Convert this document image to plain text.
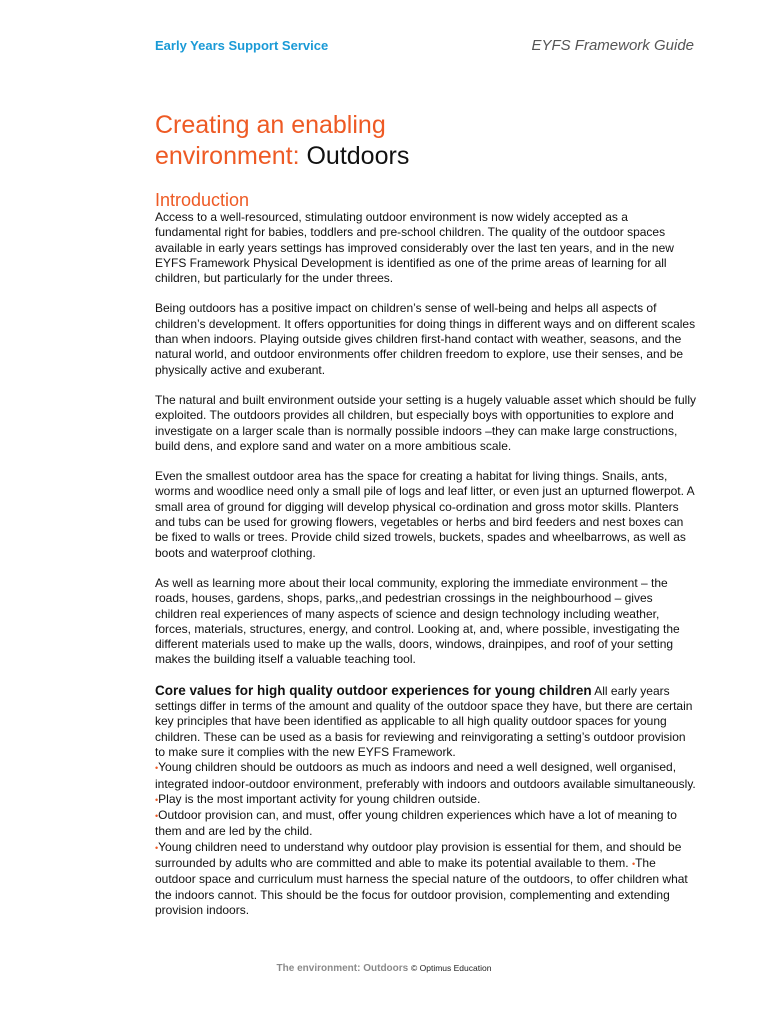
Early Years Support Service	EYFS Framework Guide
Creating an enabling
environment: Outdoors
Introduction

Access to a well-resourced, stimulating outdoor environment is now widely accepted as a fundamental right for babies, toddlers and pre-school children. The quality of the outdoor spaces available in early years settings has improved considerably over the last ten years, and in the new EYFS Framework Physical Development is identified as one of the prime areas of learning for all children, but particularly for the under threes.

Being outdoors has a positive impact on children’s sense of well-being and helps all aspects of children’s development. It offers opportunities for doing things in different ways and on different scales than when indoors. Playing outside gives children first-hand contact with weather, seasons, and the natural world, and outdoor environments offer children freedom to explore, use their senses, and be physically active and exuberant.

The natural and built environment outside your setting is a hugely valuable asset which should be fully exploited. The outdoors provides all children, but especially boys with opportunities to explore and investigate on a larger scale than is normally possible indoors –they can make large constructions, build dens, and explore sand and water on a more ambitious scale.

Even the smallest outdoor area has the space for creating a habitat for living things. Snails, ants, worms and woodlice need only a small pile of logs and leaf litter, or even just an upturned flowerpot. A small area of ground for digging will develop physical co-ordination and gross motor skills. Planters and tubs can be used for growing flowers, vegetables or herbs and bird feeders and nest boxes can be fixed to walls or trees. Provide child sized trowels, buckets, spades and wheelbarrows, as well as boots and waterproof clothing.

As well as learning more about their local community, exploring the immediate environment – the roads, houses, gardens, shops, parks,,and pedestrian crossings in the neighbourhood – gives children real experiences of many aspects of science and design technology including weather, forces, materials, structures, energy, and control. Looking at, and, where possible, investigating the different materials used to make up the walls, doors, windows, drainpipes, and roof of your setting makes the building itself a valuable teaching tool.

Core values for high quality outdoor experiences for young children All early years settings differ in terms of the amount and quality of the outdoor space they have, but there are certain key principles that have been identified as applicable to all high quality outdoor spaces for young children. These can be used as a basis for reviewing and reinvigorating a setting’s outdoor provision to make sure it complies with the new EYFS Framework.

•Young children should be outdoors as much as indoors and need a well designed, well organised, integrated indoor-outdoor environment, preferably with indoors and outdoors available simultaneously. •Play is the most important activity for young children outside.
•Outdoor provision can, and must, offer young children experiences which have a lot of meaning to them and are led by the child.
•Young children need to understand why outdoor play provision is essential for them, and should be surrounded by adults who are committed and able to make its potential available to them. •The outdoor space and curriculum must harness the special nature of the outdoors, to offer children what the indoors cannot. This should be the focus for outdoor provision, complementing and extending provision indoors.
The environment: Outdoors © Optimus Education
